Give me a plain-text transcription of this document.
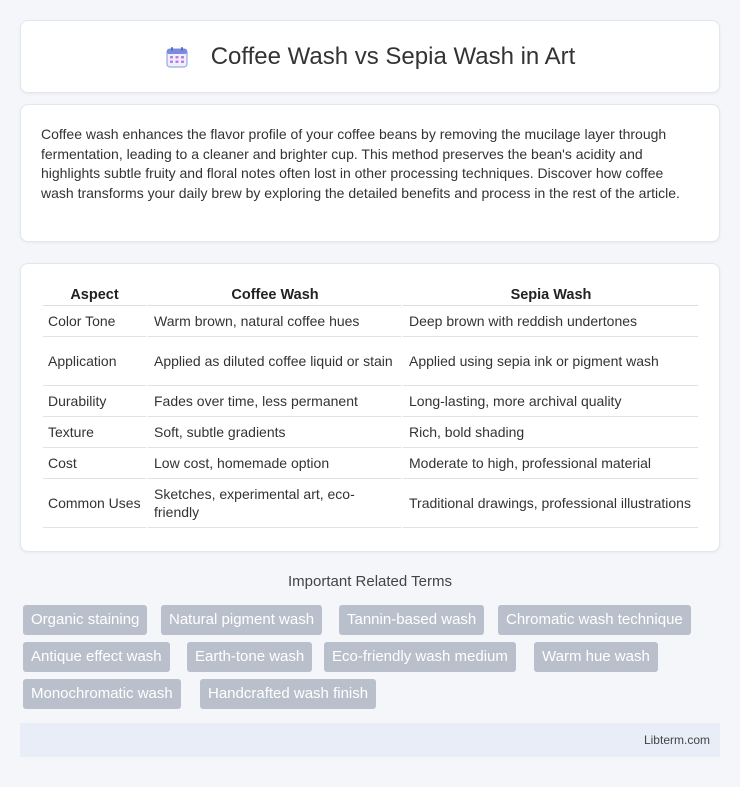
Coffee Wash vs Sepia Wash in Art

Coffee wash enhances the flavor profile of your coffee beans by removing the mucilage layer through fermentation, leading to a cleaner and brighter cup. This method preserves the bean's acidity and highlights subtle fruity and floral notes often lost in other processing techniques. Discover how coffee wash transforms your daily brew by exploring the detailed benefits and process in the rest of the article.

Aspect	Coffee Wash	Sepia Wash
Color Tone	Warm brown, natural coffee hues	Deep brown with reddish undertones
Application	Applied as diluted coffee liquid or stain	Applied using sepia ink or pigment wash
Durability	Fades over time, less permanent	Long-lasting, more archival quality
Texture	Soft, subtle gradients	Rich, bold shading
Cost	Low cost, homemade option	Moderate to high, professional material
Common Uses	Sketches, experimental art, eco-friendly	Traditional drawings, professional illustrations
Important Related Terms
Organic staining	Natural pigment wash	Tannin-based wash	Chromatic wash technique
Antique effect wash	Earth-tone wash	Eco-friendly wash medium	Warm hue wash
Monochromatic wash	Handcrafted wash finish
Libterm.com
